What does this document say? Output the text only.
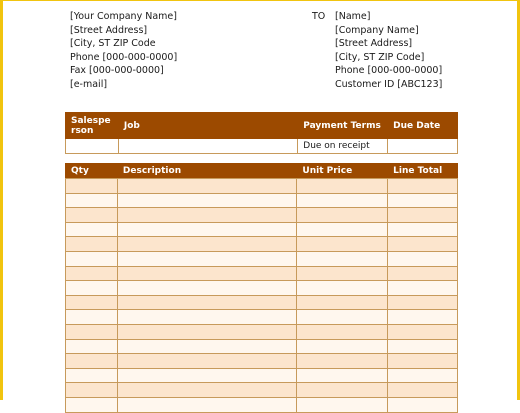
[Your Company Name]
[Street Address]
[City, ST ZIP Code
Phone [000-000-0000]
Fax [000-000-0000]
[e-mail]
TO [Name]
[Company Name]
[Street Address]
[City, ST ZIP Code]
Phone [000-000-0000]
Customer ID [ABC123]
Salesperson	Job	Payment Terms	Due Date
		Due on receipt	
Qty	Description	Unit Price	Line Total
